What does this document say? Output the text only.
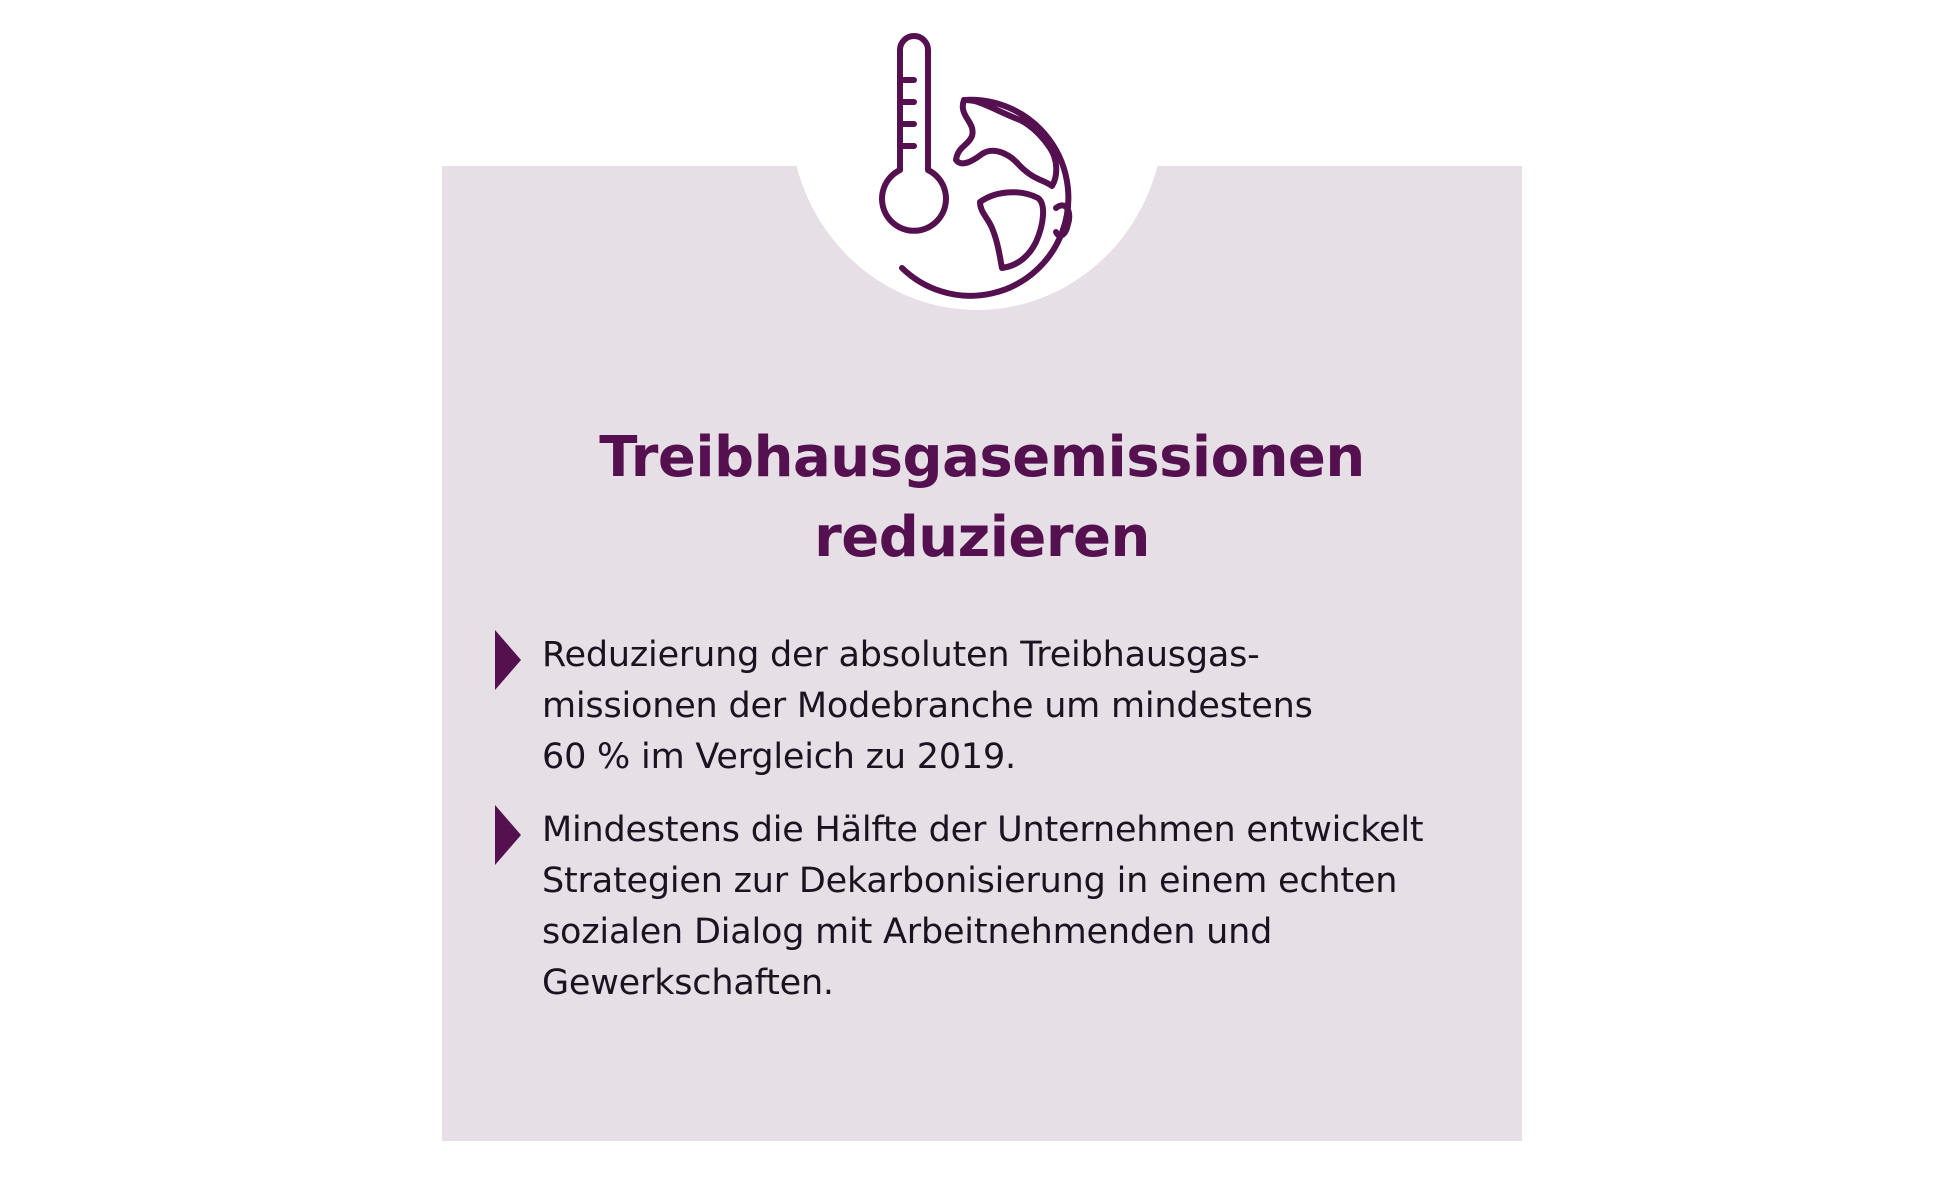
Treibhausgasemissionen
reduzieren
Reduzierung der absoluten Treibhausgas-
missionen der Modebranche um mindestens
60 % im Vergleich zu 2019.
Mindestens die Hälfte der Unternehmen entwickelt
Strategien zur Dekarbonisierung in einem echten
sozialen Dialog mit Arbeitnehmenden und
Gewerkschaften.
